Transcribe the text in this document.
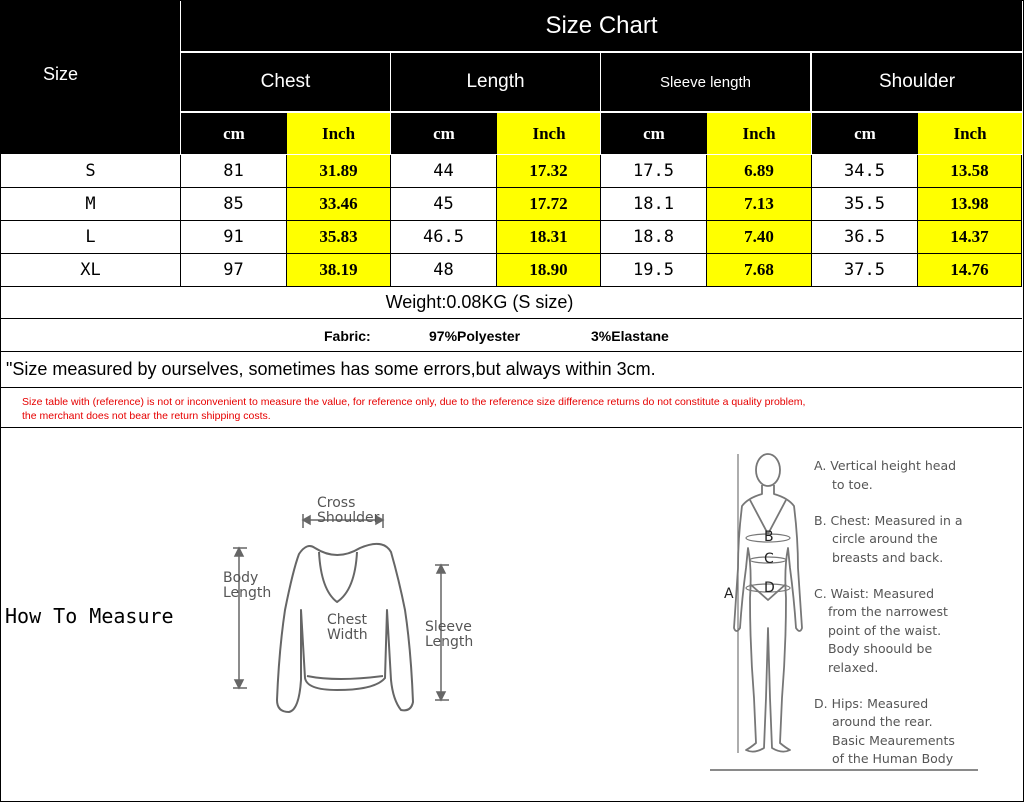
Size
Size Chart
Chest	Length	Sleeve length	Shoulder
cm	Inch	cm	Inch	cm	Inch	cm	Inch
S	81	31.89	44	17.32	17.5	6.89	34.5	13.58
M	85	33.46	45	17.72	18.1	7.13	35.5	13.98
L	91	35.83	46.5	18.31	18.8	7.40	36.5	14.37
XL	97	38.19	48	18.90	19.5	7.68	37.5	14.76
Weight:0.08KG (S size)
Fabric:	97%Polyester	3%Elastane
"Size measured by ourselves, sometimes has some errors,but always within 3cm.
Size table with (reference) is not or inconvenient to measure the value, for reference only, due to the reference size difference returns do not constitute a quality problem,
the merchant does not bear the return shipping costs.
How To Measure
Cross
Shoulder
Body
Length
Chest
Width	Sleeve
Length
A
B
C
D
A. Vertical height head
to toe.
B. Chest: Measured in a
circle around the
breasts and back.
C. Waist: Measured
from the narrowest
point of the waist.
Body shoould be
relaxed.
D. Hips: Measured
around the rear.
Basic Meaurements
of the Human Body
